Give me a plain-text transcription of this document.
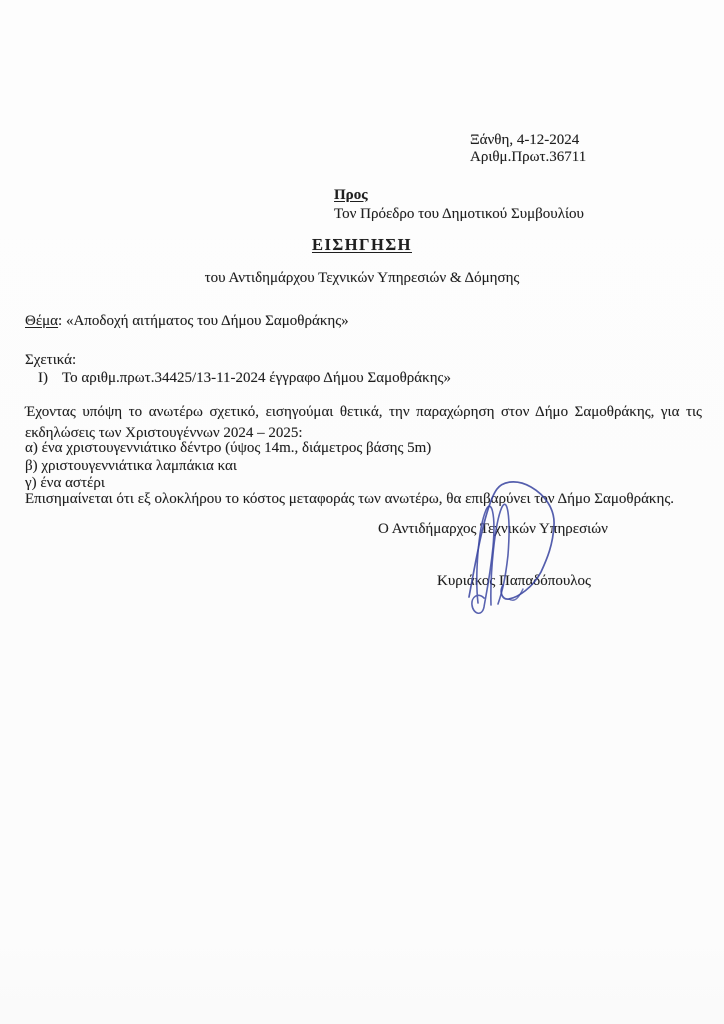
Ξάνθη, 4-12-2024
Αριθμ.Πρωτ.36711
Προς
Τον Πρόεδρο του Δημοτικού Συμβουλίου
ΕΙΣΗΓΗΣΗ
του Αντιδημάρχου Τεχνικών Υπηρεσιών & Δόμησης
Θέμα: «Αποδοχή αιτήματος του Δήμου Σαμοθράκης»
Σχετικά:
Ι) Το αριθμ.πρωτ.34425/13-11-2024 έγγραφο Δήμου Σαμοθράκης»
Έχοντας υπόψη το ανωτέρω σχετικό, εισηγούμαι θετικά, την παραχώρηση στον Δήμο Σαμοθράκης, για τις
εκδηλώσεις των Χριστουγέννων 2024 – 2025:
α) ένα χριστουγεννιάτικο δέντρο (ύψος 14m., διάμετρος βάσης 5m)
β) χριστουγεννιάτικα λαμπάκια και
γ) ένα αστέρι
Επισημαίνεται ότι εξ ολοκλήρου το κόστος μεταφοράς των ανωτέρω, θα επιβαρύνει τον Δήμο Σαμοθράκης.
Ο Αντιδήμαρχος Τεχνικών Υπηρεσιών
Κυριάκος Παπαδόπουλος
